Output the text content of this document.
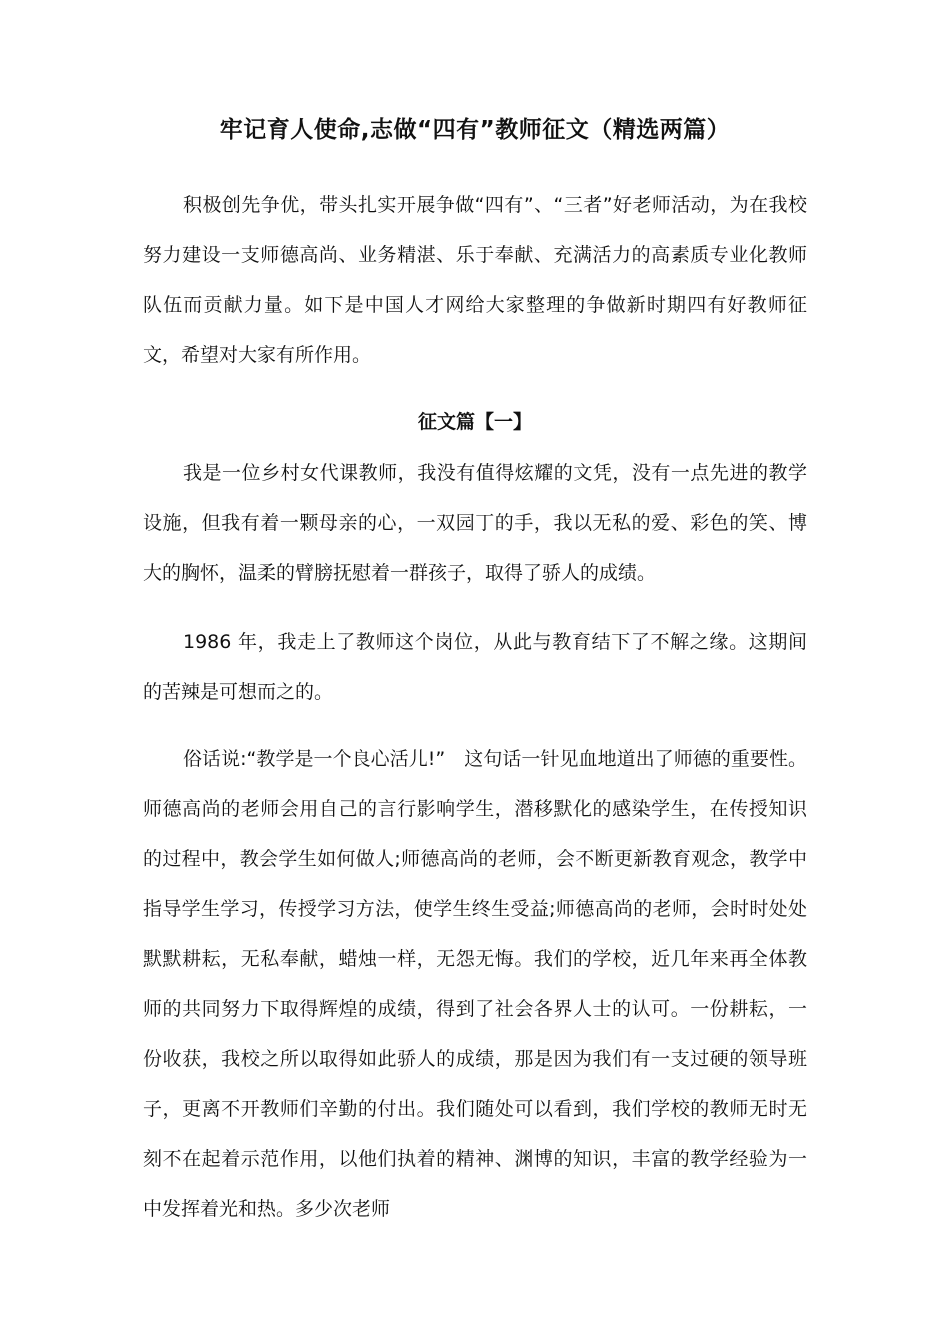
牢记育人使命,志做“四有”教师征文（精选两篇）

积极创先争优，带头扎实开展争做“四有”、“三者”好老师活动，为在我校努力建设一支师德高尚、业务精湛、乐于奉献、充满活力的高素质专业化教师队伍而贡献力量。如下是中国人才网给大家整理的争做新时期四有好教师征文，希望对大家有所作用。

征文篇【一】

我是一位乡村女代课教师，我没有值得炫耀的文凭，没有一点先进的教学设施，但我有着一颗母亲的心，一双园丁的手，我以无私的爱、彩色的笑、博大的胸怀，温柔的臂膀抚慰着一群孩子，取得了骄人的成绩。

1986 年，我走上了教师这个岗位，从此与教育结下了不解之缘。这期间的苦辣是可想而之的。

俗话说:“教学是一个良心活儿!”　这句话一针见血地道出了师德的重要性。师德高尚的老师会用自己的言行影响学生，潜移默化的感染学生，在传授知识的过程中，教会学生如何做人;师德高尚的老师，会不断更新教育观念，教学中指导学生学习，传授学习方法，使学生终生受益;师德高尚的老师，会时时处处默默耕耘，无私奉献，蜡烛一样，无怨无悔。我们的学校，近几年来再全体教师的共同努力下取得辉煌的成绩，得到了社会各界人士的认可。一份耕耘，一份收获，我校之所以取得如此骄人的成绩，那是因为我们有一支过硬的领导班子，更离不开教师们辛勤的付出。我们随处可以看到，我们学校的教师无时无刻不在起着示范作用，以他们执着的精神、渊博的知识，丰富的教学经验为一中发挥着光和热。多少次老师
